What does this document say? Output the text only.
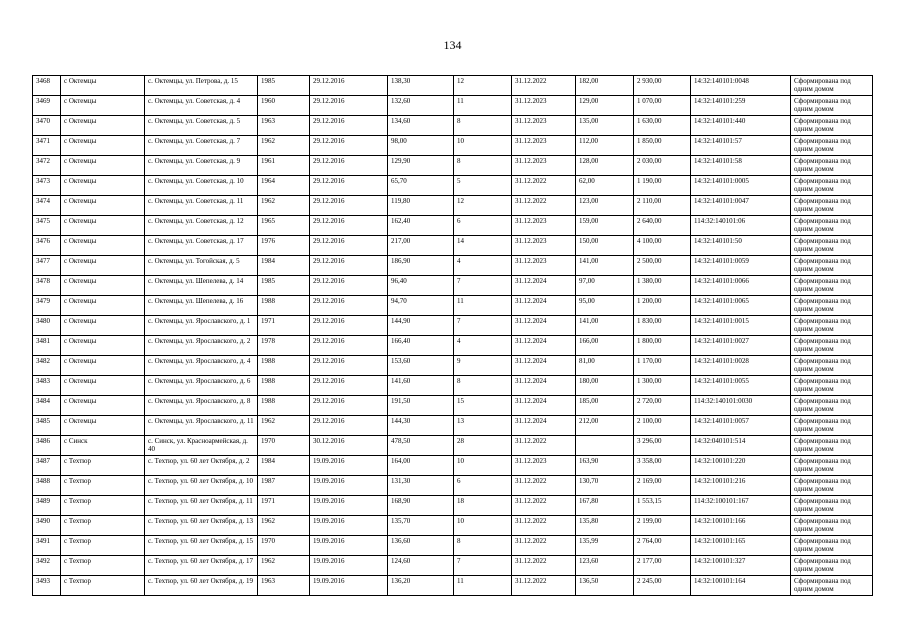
134
3468	с Октемцы	с. Октемцы, ул. Петрова, д. 15	1985	29.12.2016	138,30	12	31.12.2022	182,00	2 930,00	14:32:140101:0048	Сформирована под одним домом
3469	с Октемцы	с. Октемцы, ул. Советская, д. 4	1960	29.12.2016	132,60	11	31.12.2023	129,00	1 070,00	14:32:140101:259	Сформирована под одним домом
3470	с Октемцы	с. Октемцы, ул. Советская, д. 5	1963	29.12.2016	134,60	8	31.12.2023	135,00	1 630,00	14:32:140101:440	Сформирована под одним домом
3471	с Октемцы	с. Октемцы, ул. Советская, д. 7	1962	29.12.2016	98,00	10	31.12.2023	112,00	1 850,00	14:32:140101:57	Сформирована под одним домом
3472	с Октемцы	с. Октемцы, ул. Советская, д. 9	1961	29.12.2016	129,90	8	31.12.2023	128,00	2 030,00	14:32:140101:58	Сформирована под одним домом
3473	с Октемцы	с. Октемцы, ул. Советская, д. 10	1964	29.12.2016	65,70	5	31.12.2022	62,00	1 190,00	14:32:140101:0005	Сформирована под одним домом
3474	с Октемцы	с. Октемцы, ул. Советская, д. 11	1962	29.12.2016	119,80	12	31.12.2022	123,00	2 110,00	14:32:140101:0047	Сформирована под одним домом
3475	с Октемцы	с. Октемцы, ул. Советская, д. 12	1965	29.12.2016	162,40	6	31.12.2023	159,00	2 640,00	114:32:140101:06	Сформирована под одним домом
3476	с Октемцы	с. Октемцы, ул. Советская, д. 17	1976	29.12.2016	217,00	14	31.12.2023	150,00	4 100,00	14:32:140101:50	Сформирована под одним домом
3477	с Октемцы	с. Октемцы, ул. Тогойская, д. 5	1984	29.12.2016	186,90	4	31.12.2023	141,00	2 500,00	14:32:140101:0059	Сформирована под одним домом
3478	с Октемцы	с. Октемцы, ул. Шепелева, д. 14	1985	29.12.2016	96,40	7	31.12.2024	97,00	1 380,00	14:32:140101:0066	Сформирована под одним домом
3479	с Октемцы	с. Октемцы, ул. Шепелева, д. 16	1988	29.12.2016	94,70	11	31.12.2024	95,00	1 200,00	14:32:140101:0065	Сформирована под одним домом
3480	с Октемцы	с. Октемцы, ул. Ярославского, д. 1	1971	29.12.2016	144,90	7	31.12.2024	141,00	1 830,00	14:32:140101:0015	Сформирована под одним домом
3481	с Октемцы	с. Октемцы, ул. Ярославского, д. 2	1978	29.12.2016	166,40	4	31.12.2024	166,00	1 800,00	14:32:140101:0027	Сформирована под одним домом
3482	с Октемцы	с. Октемцы, ул. Ярославского, д. 4	1988	29.12.2016	153,60	9	31.12.2024	81,00	1 170,00	14:32:140101:0028	Сформирована под одним домом
3483	с Октемцы	с. Октемцы, ул. Ярославского, д. 6	1988	29.12.2016	141,60	8	31.12.2024	180,00	1 300,00	14:32:140101:0055	Сформирована под одним домом
3484	с Октемцы	с. Октемцы, ул. Ярославского, д. 8	1988	29.12.2016	191,50	15	31.12.2024	185,00	2 720,00	114:32:140101:0030	Сформирована под одним домом
3485	с Октемцы	с. Октемцы, ул. Ярославского, д. 11	1962	29.12.2016	144,30	13	31.12.2024	212,00	2 100,00	14:32:140101:0057	Сформирована под одним домом
3486	с Синск	с. Синск, ул. Красноармейская, д. 40	1970	30.12.2016	478,50	28	31.12.2022		3 296,00	14:32:040101:514	Сформирована под одним домом
3487	с Техтюр	с. Техтюр, ул. 60 лет Октября, д. 2	1984	19.09.2016	164,00	10	31.12.2023	163,90	3 358,00	14:32:100101:220	Сформирована под одним домом
3488	с Техтюр	с. Техтюр, ул. 60 лет Октября, д. 10	1987	19.09.2016	131,30	6	31.12.2022	130,70	2 169,00	14:32:100101:216	Сформирована под одним домом
3489	с Техтюр	с. Техтюр, ул. 60 лет Октября, д. 11	1971	19.09.2016	168,90	18	31.12.2022	167,80	1 553,15	114:32:100101:167	Сформирована под одним домом
3490	с Техтюр	с. Техтюр, ул. 60 лет Октября, д. 13	1962	19.09.2016	135,70	10	31.12.2022	135,80	2 199,00	14:32:100101:166	Сформирована под одним домом
3491	с Техтюр	с. Техтюр, ул. 60 лет Октября, д. 15	1970	19.09.2016	136,60	8	31.12.2022	135,99	2 764,00	14:32:100101:165	Сформирована под одним домом
3492	с Техтюр	с. Техтюр, ул. 60 лет Октября, д. 17	1962	19.09.2016	124,60	7	31.12.2022	123,60	2 177,00	14:32:100101:327	Сформирована под одним домом
3493	с Техтюр	с. Техтюр, ул. 60 лет Октября, д. 19	1963	19.09.2016	136,20	11	31.12.2022	136,50	2 245,00	14:32:100101:164	Сформирована под одним домом
